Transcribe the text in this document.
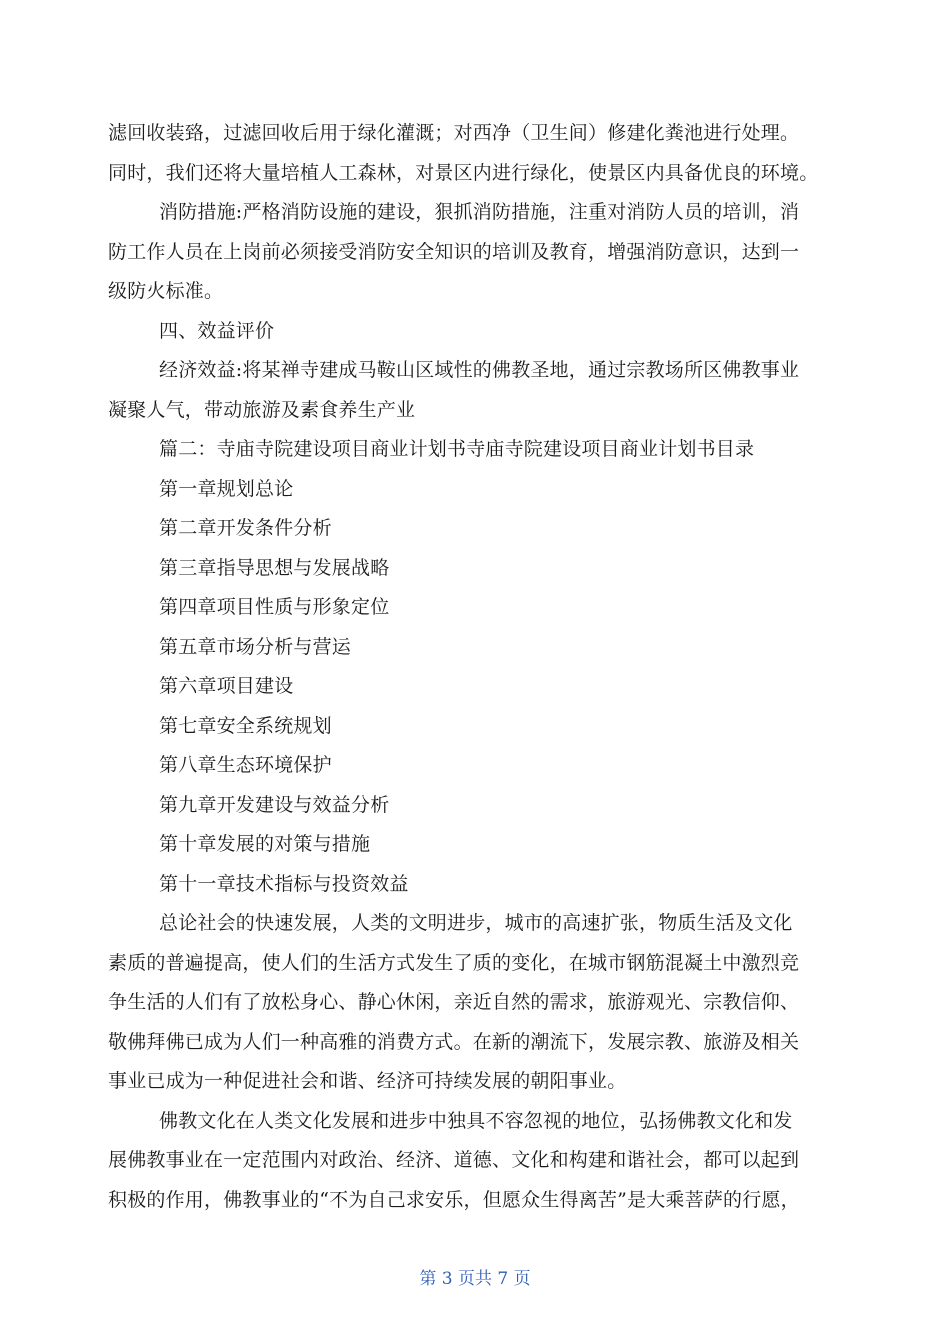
滤回收装臵，过滤回收后用于绿化灌溉；对西净（卫生间）修建化粪池进行处理。
同时，我们还将大量培植人工森林，对景区内进行绿化，使景区内具备优良的环境。
消防措施:严格消防设施的建设，狠抓消防措施，注重对消防人员的培训，消
防工作人员在上岗前必须接受消防安全知识的培训及教育，增强消防意识，达到一
级防火标准。
四、效益评价
经济效益:将某禅寺建成马鞍山区域性的佛教圣地，通过宗教场所区佛教事业
凝聚人气，带动旅游及素食养生产业
篇二：寺庙寺院建设项目商业计划书寺庙寺院建设项目商业计划书目录
第一章规划总论
第二章开发条件分析
第三章指导思想与发展战略
第四章项目性质与形象定位
第五章市场分析与营运
第六章项目建设
第七章安全系统规划
第八章生态环境保护
第九章开发建设与效益分析
第十章发展的对策与措施
第十一章技术指标与投资效益
总论社会的快速发展，人类的文明进步，城市的高速扩张，物质生活及文化
素质的普遍提高，使人们的生活方式发生了质的变化，在城市钢筋混凝土中激烈竞
争生活的人们有了放松身心、静心休闲，亲近自然的需求，旅游观光、宗教信仰、
敬佛拜佛已成为人们一种高雅的消费方式。在新的潮流下，发展宗教、旅游及相关
事业已成为一种促进社会和谐、经济可持续发展的朝阳事业。
佛教文化在人类文化发展和进步中独具不容忽视的地位，弘扬佛教文化和发
展佛教事业在一定范围内对政治、经济、道德、文化和构建和谐社会，都可以起到
积极的作用，佛教事业的“不为自己求安乐，但愿众生得离苦”是大乘菩萨的行愿，
第 3 页共 7 页
